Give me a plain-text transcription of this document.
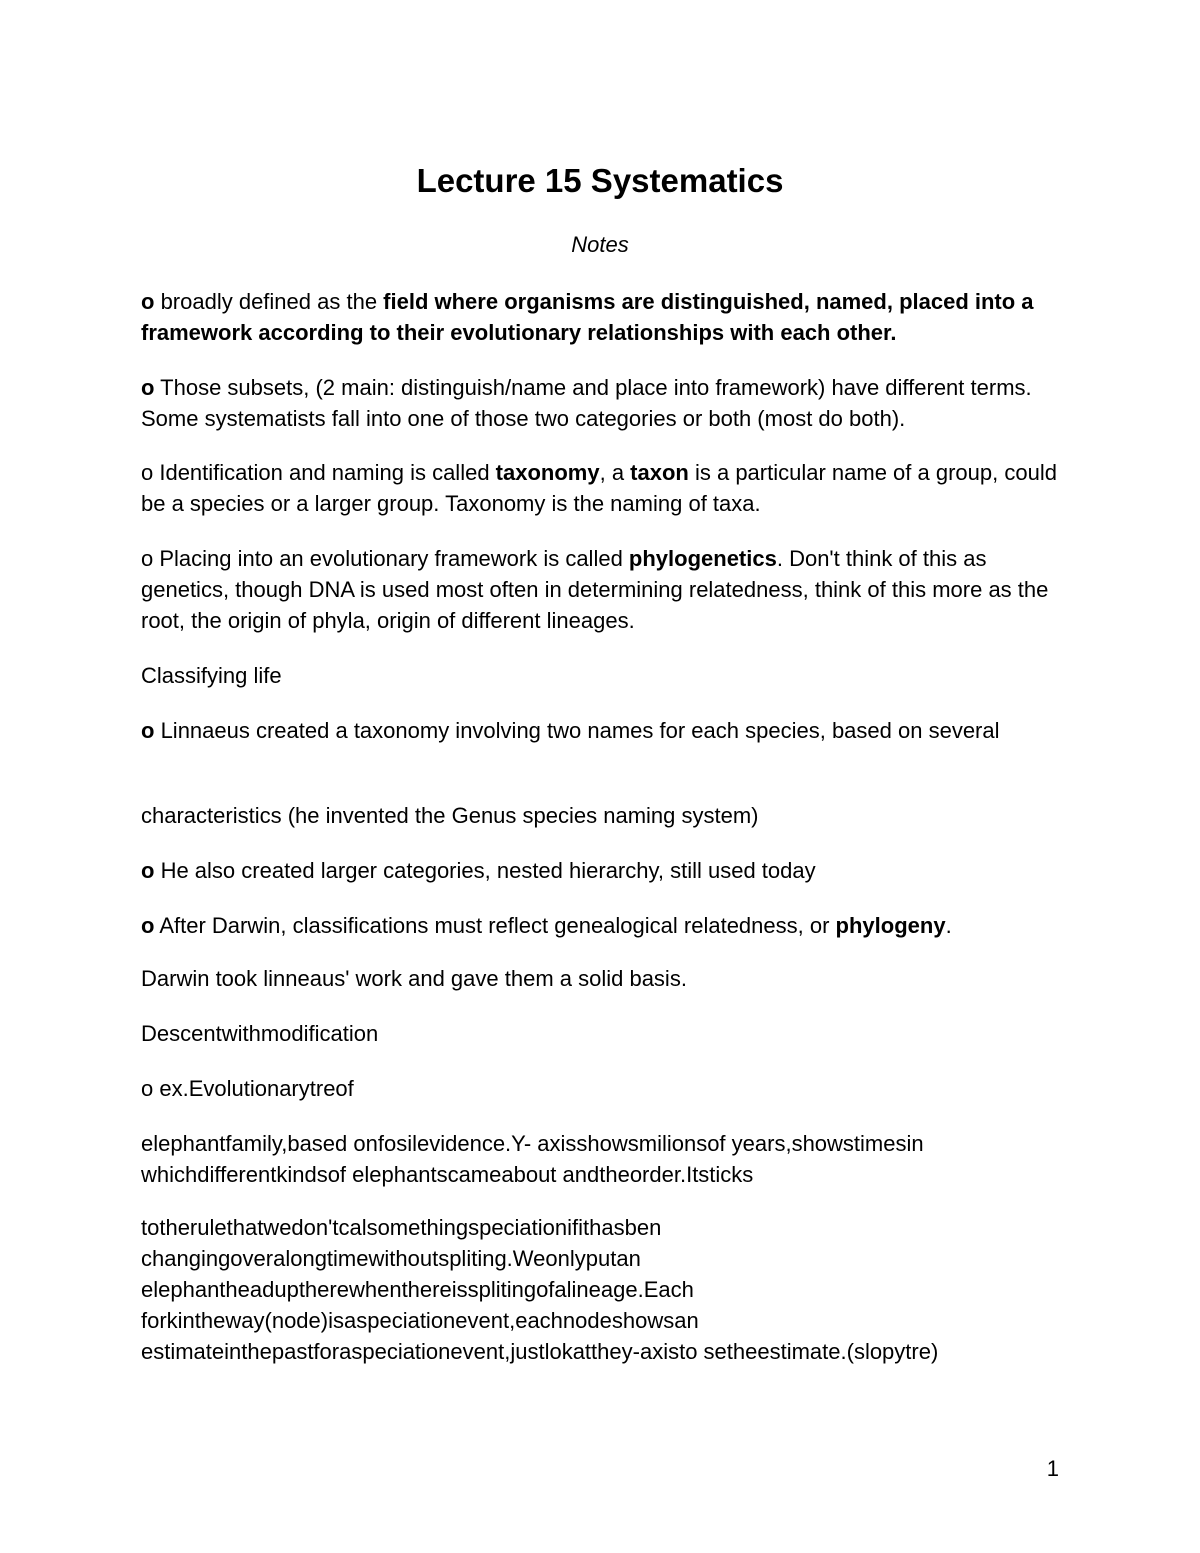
Lecture 15 Systematics
Notes

o broadly defined as the field where organisms are distinguished, named, placed into a framework according to their evolutionary relationships with each other.

o Those subsets, (2 main: distinguish/name and place into framework) have different terms. Some systematists fall into one of those two categories or both (most do both).

o Identification and naming is called taxonomy, a taxon is a particular name of a group, could be a species or a larger group. Taxonomy is the naming of taxa.

o Placing into an evolutionary framework is called phylogenetics. Don't think of this as genetics, though DNA is used most often in determining relatedness, think of this more as the root, the origin of phyla, origin of different lineages.

Classifying life

o Linnaeus created a taxonomy involving two names for each species, based on several

characteristics (he invented the Genus species naming system)

o He also created larger categories, nested hierarchy, still used today

o After Darwin, classifications must reflect genealogical relatedness, or phylogeny.

Darwin took linneaus' work and gave them a solid basis.

Descentwithmodification

o ex.Evolutionarytreof

elephantfamily,based onfosilevidence.Y- axisshowsmilionsof years,showstimesin
whichdifferentkindsof elephantscameabout andtheorder.Itsticks
totherulethatwedon'tcalsomethingspeciationifithasben
changingoveralongtimewithoutspliting.Weonlyputan
elephantheaduptherewhenthereissplitingofalineage.Each
forkintheway(node)isaspeciationevent,eachnodeshowsan
estimateinthepastforaspeciationevent,justlokatthey-axisto setheestimate.(slopytre)
1
